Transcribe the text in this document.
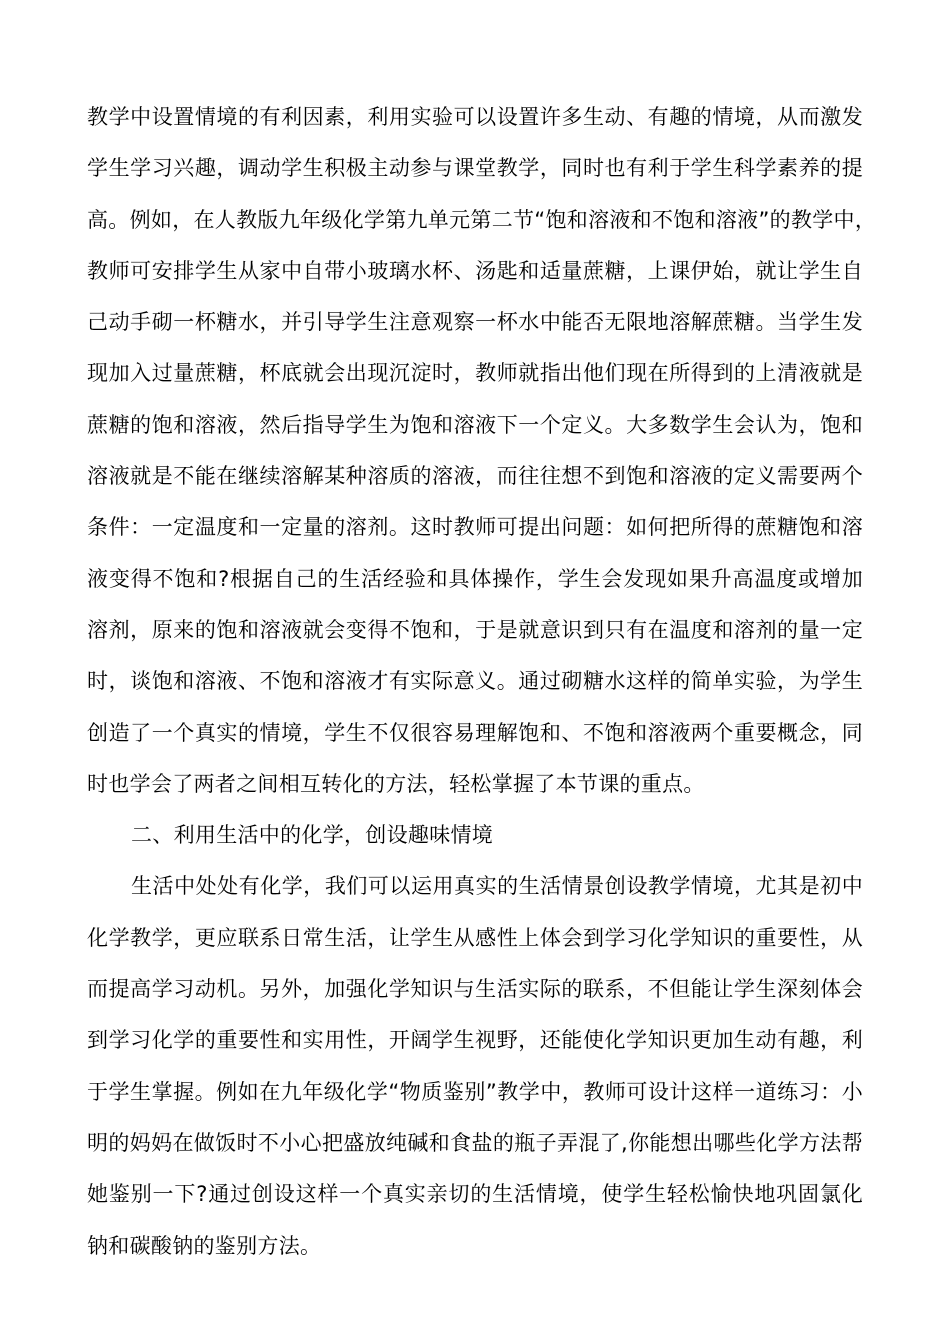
教学中设置情境的有利因素，利用实验可以设置许多生动、有趣的情境，从而激发
学生学习兴趣，调动学生积极主动参与课堂教学，同时也有利于学生科学素养的提
高。例如，在人教版九年级化学第九单元第二节“饱和溶液和不饱和溶液”的教学中，
教师可安排学生从家中自带小玻璃水杯、汤匙和适量蔗糖，上课伊始，就让学生自
己动手砌一杯糖水，并引导学生注意观察一杯水中能否无限地溶解蔗糖。当学生发
现加入过量蔗糖，杯底就会出现沉淀时，教师就指出他们现在所得到的上清液就是
蔗糖的饱和溶液，然后指导学生为饱和溶液下一个定义。大多数学生会认为，饱和
溶液就是不能在继续溶解某种溶质的溶液，而往往想不到饱和溶液的定义需要两个
条件：一定温度和一定量的溶剂。这时教师可提出问题：如何把所得的蔗糖饱和溶
液变得不饱和?根据自己的生活经验和具体操作，学生会发现如果升高温度或增加
溶剂，原来的饱和溶液就会变得不饱和，于是就意识到只有在温度和溶剂的量一定
时，谈饱和溶液、不饱和溶液才有实际意义。通过砌糖水这样的简单实验，为学生
创造了一个真实的情境，学生不仅很容易理解饱和、不饱和溶液两个重要概念，同
时也学会了两者之间相互转化的方法，轻松掌握了本节课的重点。
二、利用生活中的化学，创设趣味情境
生活中处处有化学，我们可以运用真实的生活情景创设教学情境，尤其是初中
化学教学，更应联系日常生活，让学生从感性上体会到学习化学知识的重要性，从
而提高学习动机。另外，加强化学知识与生活实际的联系，不但能让学生深刻体会
到学习化学的重要性和实用性，开阔学生视野，还能使化学知识更加生动有趣，利
于学生掌握。例如在九年级化学“物质鉴别”教学中，教师可设计这样一道练习：小
明的妈妈在做饭时不小心把盛放纯碱和食盐的瓶子弄混了,你能想出哪些化学方法帮
她鉴别一下?通过创设这样一个真实亲切的生活情境，使学生轻松愉快地巩固氯化
钠和碳酸钠的鉴别方法。
